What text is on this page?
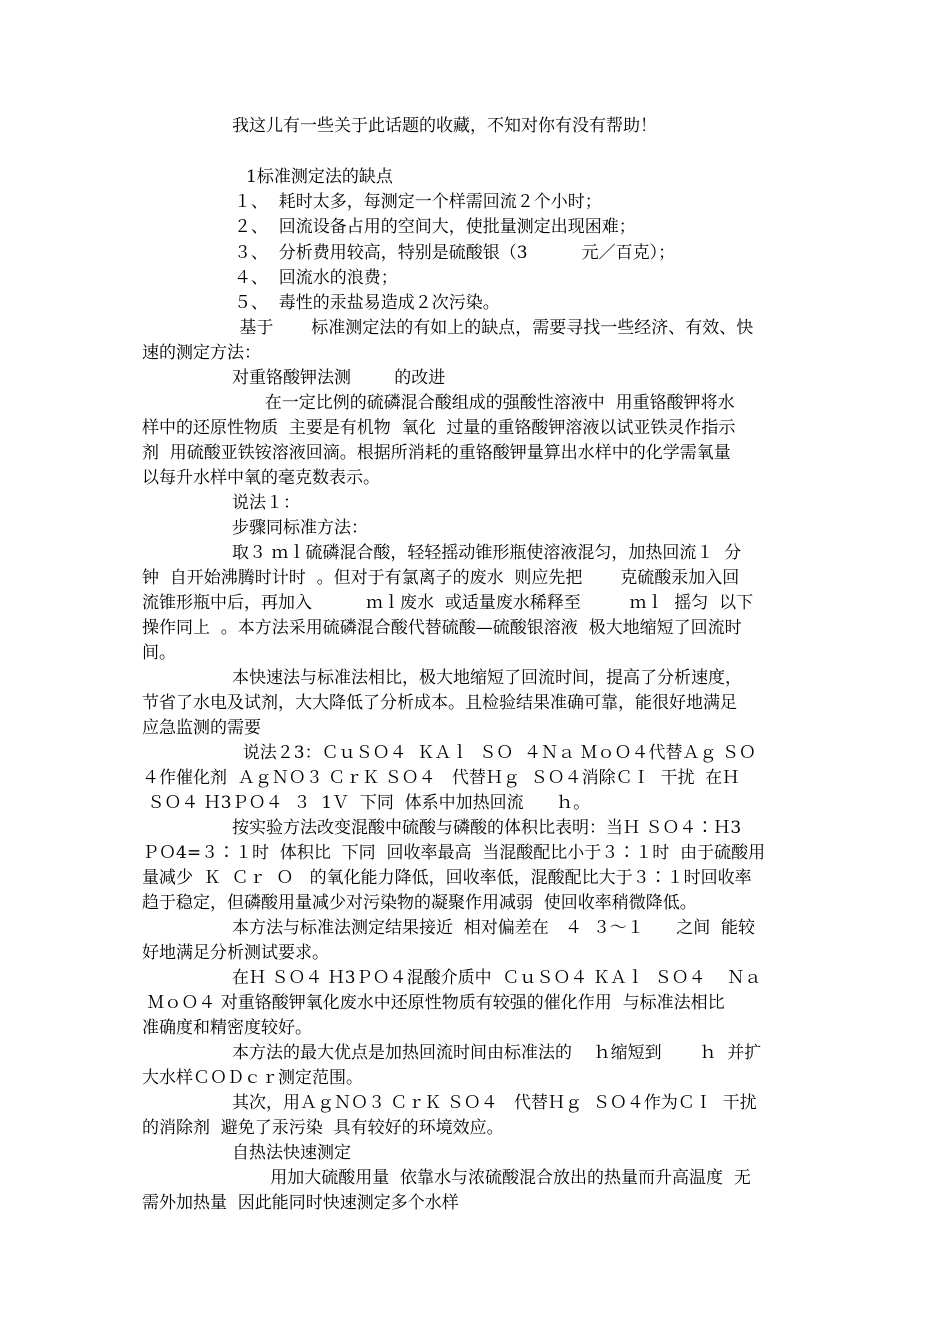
我这儿有一些关于此话题的收藏，不知对你有没有帮助！
1标准测定法的缺点
１、  耗时太多，每测定一个样需回流２个小时；
２、  回流设备占用的空间大，使批量测定出现困难；
３、  分析费用较高，特别是硫酸银（3          元／百克）；
４、  回流水的浪费；
５、  毒性的汞盐易造成２次污染。
基于       标准测定法的有如上的缺点，需要寻找一些经济、有效、快
速的测定方法：
对重铬酸钾法测        的改进
在一定比例的硫磷混合酸组成的强酸性溶液中  用重铬酸钾将水
样中的还原性物质  主要是有机物  氧化  过量的重铬酸钾溶液以试亚铁灵作指示
剂  用硫酸亚铁铵溶液回滴。根据所消耗的重铬酸钾量算出水样中的化学需氧量
以每升水样中氧的毫克数表示。
说法１：
步骤同标准方法：
取３ ｍｌ硫磷混合酸，轻轻摇动锥形瓶使溶液混匀，加热回流１  分
钟  自开始沸腾时计时  。但对于有氯离子的废水  则应先把       克硫酸汞加入回
流锥形瓶中后，再加入          ｍｌ废水  或适量废水稀释至         ｍｌ  摇匀  以下
操作同上  。本方法采用硫磷混合酸代替硫酸—硫酸银溶液  极大地缩短了回流时
间。
本快速法与标准法相比，极大地缩短了回流时间，提高了分析速度，
节省了水电及试剂，大大降低了分析成本。且检验结果准确可靠，能很好地满足
应急监测的需要
说法２3：ＣｕＳＯ４  ＫＡｌ  ＳＯ  ４Ｎａ ＭｏＯ４代替Ａｇ ＳＯ
４作催化剂  ＡｇＮＯ３ ＣｒＫ ＳＯ４   代替Ｈｇ  ＳＯ４消除ＣＩ  干扰  在Ｈ
ＳＯ４ Ｈ3ＰＯ４  ３  1Ｖ  下同  体系中加热回流      ｈ。
按实验方法改变混酸中硫酸与磷酸的体积比表明：当Ｈ ＳＯ４∶Ｈ3
ＰＯ4=３∶１时  体积比  下同  回收率最高  当混酸配比小于３∶１时  由于硫酸用
量减少  Ｋ  Ｃｒ  Ｏ   的氧化能力降低，回收率低，混酸配比大于３∶１时回收率
趋于稳定，但磷酸用量减少对污染物的凝聚作用减弱  使回收率稍微降低。
本方法与标准法测定结果接近  相对偏差在   ４  ３～１      之间  能较
好地满足分析测试要求。
在Ｈ ＳＯ４ Ｈ3ＰＯ４混酸介质中  ＣｕＳＯ４ ＫＡｌ  ＳＯ４    Ｎａ
ＭｏＯ４ 对重铬酸钾氧化废水中还原性物质有较强的催化作用  与标准法相比
准确度和精密度较好。
本方法的最大优点是加热回流时间由标准法的    ｈ缩短到       ｈ  并扩
大水样ＣＯＤｃｒ测定范围。
其次，用ＡｇＮＯ３ ＣｒＫ ＳＯ４   代替Ｈｇ  ＳＯ４作为ＣＩ  干扰
的消除剂  避免了汞污染  具有较好的环境效应。
自热法快速测定
用加大硫酸用量  依靠水与浓硫酸混合放出的热量而升高温度  无
需外加热量  因此能同时快速测定多个水样
